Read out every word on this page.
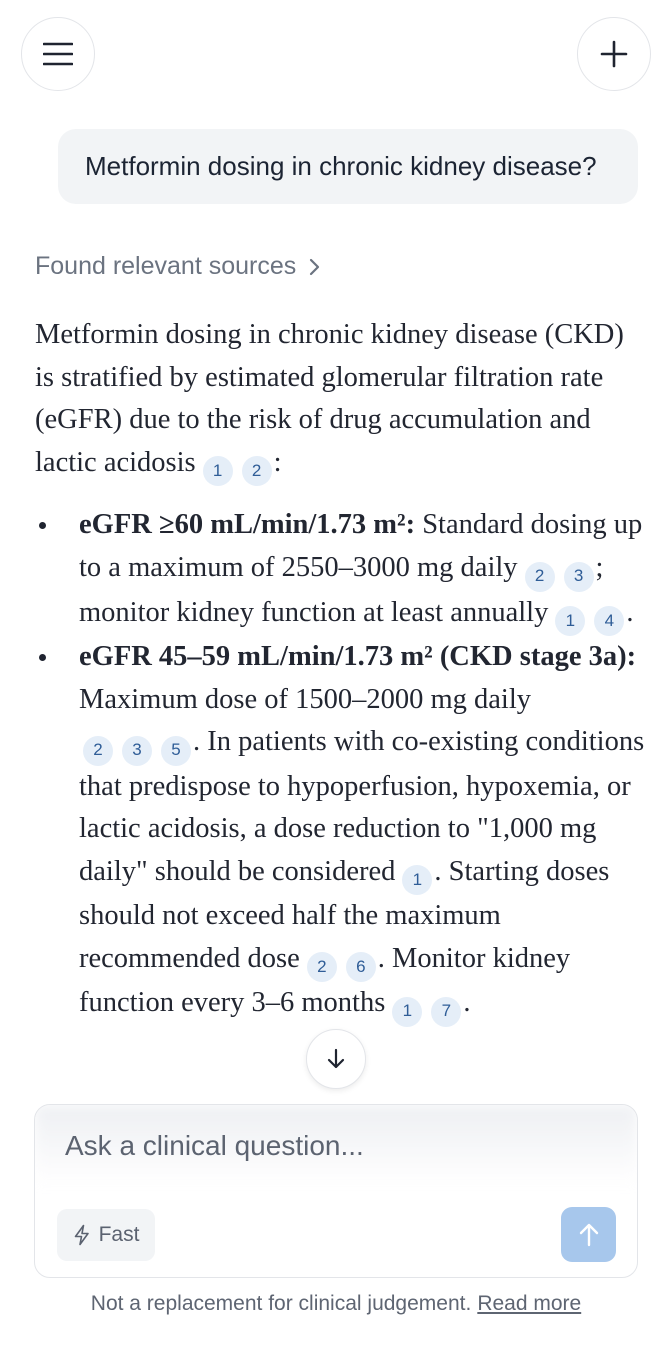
Metformin dosing in chronic kidney disease?
Found relevant sources

Metformin dosing in chronic kidney disease (CKD) is stratified by estimated glomerular filtration rate (eGFR) due to the risk of drug accumulation and lactic acidosis 1 2 :

eGFR ≥60 mL/min/1.73 m²: Standard dosing up to a maximum of 2550–3000 mg daily 2 3 ; monitor kidney function at least annually 1 4 .
eGFR 45–59 mL/min/1.73 m² (CKD stage 3a): Maximum dose of 1500–2000 mg daily
2 3 5 . In patients with co-existing conditions that predispose to hypoperfusion, hypoxemia, or lactic acidosis, a dose reduction to "1,000 mg daily" should be considered 1 . Starting doses should not exceed half the maximum recommended dose 2 6 . Monitor kidney function every 3–6 months 1 7 .
Ask a clinical question...
Fast
Not a replacement for clinical judgement. Read more
